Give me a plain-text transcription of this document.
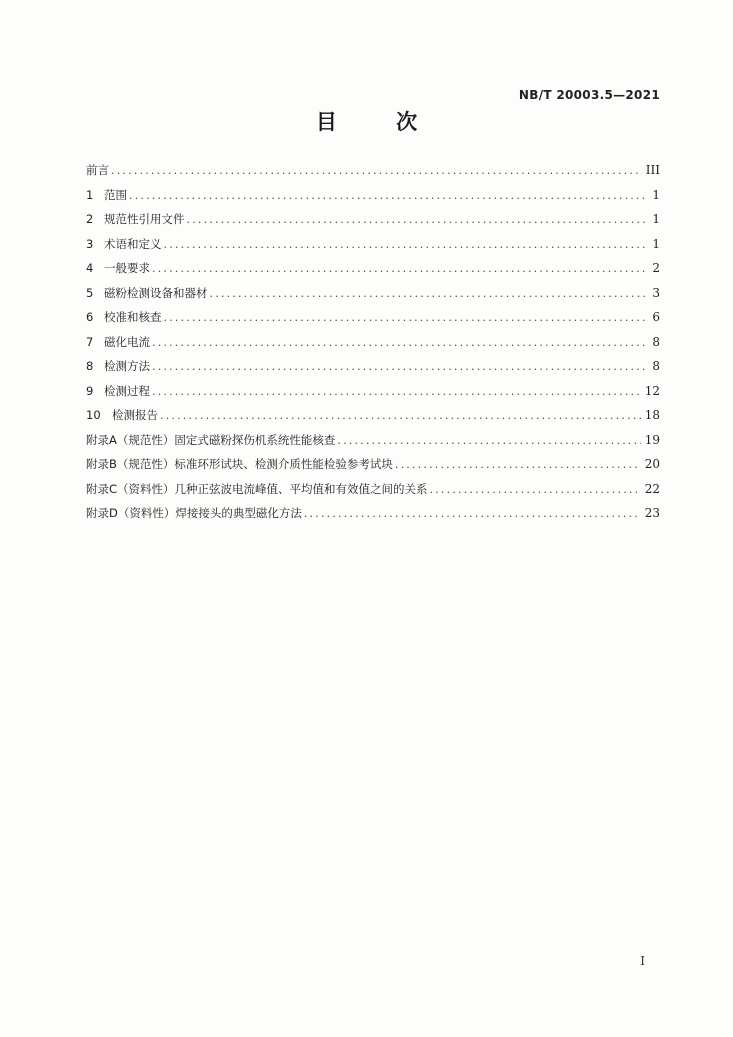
NB/T 20003.5—2021
目 次
前言 .....	III
1 范围 .....	1
2 规范性引用文件 .....	1
3 术语和定义 .....	1
4 一般要求 .....	2
5 磁粉检测设备和器材 .....	3
6 校准和核查 .....	6
7 磁化电流 .....	8
8 检测方法 .....	8
9 检测过程 .....	12
10 检测报告 .....	18
附录A（规范性） 固定式磁粉探伤机系统性能核查 .....	19
附录B（规范性） 标准环形试块、检测介质性能检验参考试块 .....	20
附录C（资料性） 几种正弦波电流峰值、平均值和有效值之间的关系 .....	22
附录D（资料性） 焊接接头的典型磁化方法 .....	23
I
